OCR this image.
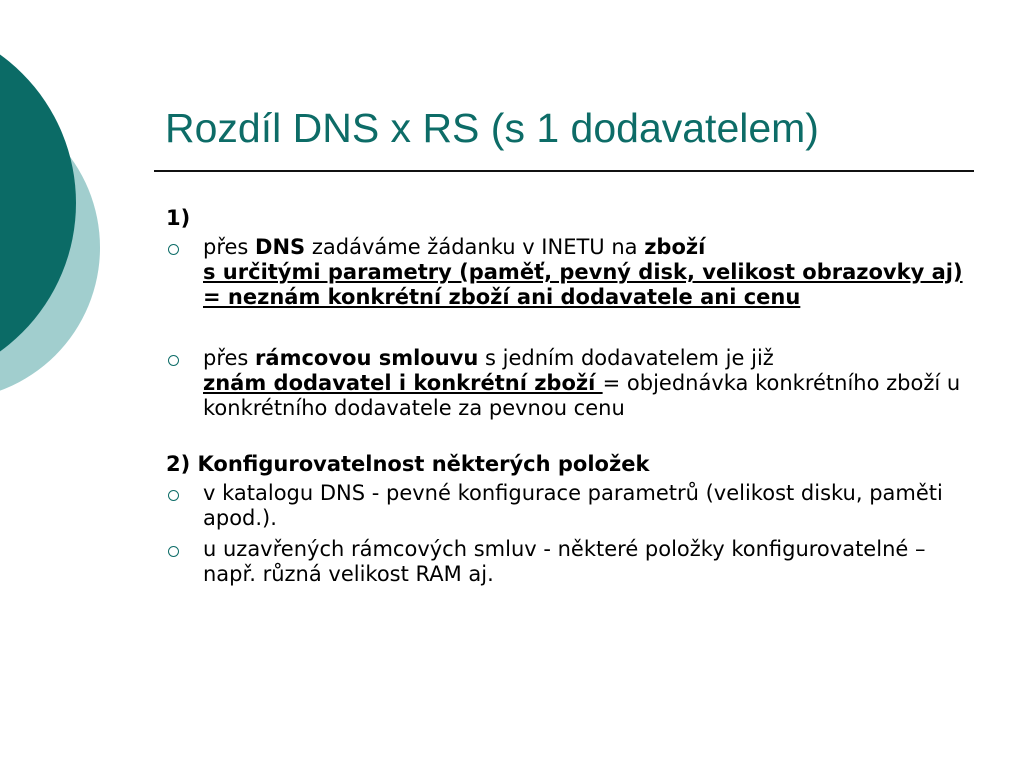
Rozdíl DNS x RS (s 1 dodavatelem)
1)
přes DNS zadáváme žádanku v INETU na zboží
s určitými parametry (paměť, pevný disk, velikost obrazovky aj) = neznám konkrétní zboží ani dodavatele ani cenu
přes rámcovou smlouvu s jedním dodavatelem je již
znám dodavatel i konkrétní zboží = objednávka konkrétního zboží u konkrétního dodavatele za pevnou cenu
2) Konfigurovatelnost některých položek
v katalogu DNS - pevné konfigurace parametrů (velikost disku, paměti apod.).
u uzavřených rámcových smluv - některé položky konfigurovatelné – např. různá velikost RAM aj.
